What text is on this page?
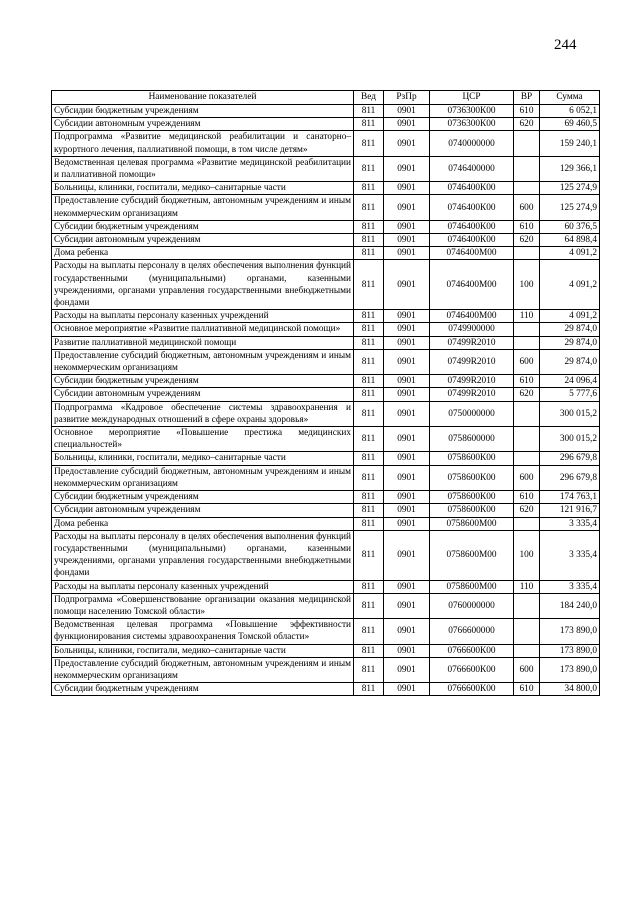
244
Наименование показателей	Вед	РзПр	ЦСР	ВР	Сумма
Субсидии бюджетным учреждениям	811	0901	0736300К00	610	6 052,1
Субсидии автономным учреждениям	811	0901	0736300К00	620	69 460,5
Подпрограмма «Развитие медицинской реабилитации и санаторно–курортного лечения, паллиативной помощи, в том числе детям»	811	0901	0740000000		159 240,1
Ведомственная целевая программа «Развитие медицинской реабилитации и паллиативной помощи»	811	0901	0746400000		129 366,1
Больницы, клиники, госпитали, медико–санитарные части	811	0901	0746400К00		125 274,9
Предоставление субсидий бюджетным, автономным учреждениям и иным некоммерческим организациям	811	0901	0746400К00	600	125 274,9
Субсидии бюджетным учреждениям	811	0901	0746400К00	610	60 376,5
Субсидии автономным учреждениям	811	0901	0746400К00	620	64 898,4
Дома ребенка	811	0901	0746400М00		4 091,2
Расходы на выплаты персоналу в целях обеспечения выполнения функций государственными (муниципальными) органами, казенными учреждениями, органами управления государственными внебюджетными фондами	811	0901	0746400М00	100	4 091,2
Расходы на выплаты персоналу казенных учреждений	811	0901	0746400М00	110	4 091,2
Основное мероприятие «Развитие паллиативной медицинской помощи»	811	0901	0749900000		29 874,0
Развитие паллиативной медицинской помощи	811	0901	07499R2010		29 874,0
Предоставление субсидий бюджетным, автономным учреждениям и иным некоммерческим организациям	811	0901	07499R2010	600	29 874,0
Субсидии бюджетным учреждениям	811	0901	07499R2010	610	24 096,4
Субсидии автономным учреждениям	811	0901	07499R2010	620	5 777,6
Подпрограмма «Кадровое обеспечение системы здравоохранения и развитие международных отношений в сфере охраны здоровья»	811	0901	0750000000		300 015,2
Основное мероприятие «Повышение престижа медицинских специальностей»	811	0901	0758600000		300 015,2
Больницы, клиники, госпитали, медико–санитарные части	811	0901	0758600К00		296 679,8
Предоставление субсидий бюджетным, автономным учреждениям и иным некоммерческим организациям	811	0901	0758600К00	600	296 679,8
Субсидии бюджетным учреждениям	811	0901	0758600К00	610	174 763,1
Субсидии автономным учреждениям	811	0901	0758600К00	620	121 916,7
Дома ребенка	811	0901	0758600М00		3 335,4
Расходы на выплаты персоналу в целях обеспечения выполнения функций государственными (муниципальными) органами, казенными учреждениями, органами управления государственными внебюджетными фондами	811	0901	0758600М00	100	3 335,4
Расходы на выплаты персоналу казенных учреждений	811	0901	0758600М00	110	3 335,4
Подпрограмма «Совершенствование организации оказания медицинской помощи населению Томской области»	811	0901	0760000000		184 240,0
Ведомственная целевая программа «Повышение эффективности функционирования системы здравоохранения Томской области»	811	0901	0766600000		173 890,0
Больницы, клиники, госпитали, медико–санитарные части	811	0901	0766600К00		173 890,0
Предоставление субсидий бюджетным, автономным учреждениям и иным некоммерческим организациям	811	0901	0766600К00	600	173 890,0
Субсидии бюджетным учреждениям	811	0901	0766600К00	610	34 800,0
